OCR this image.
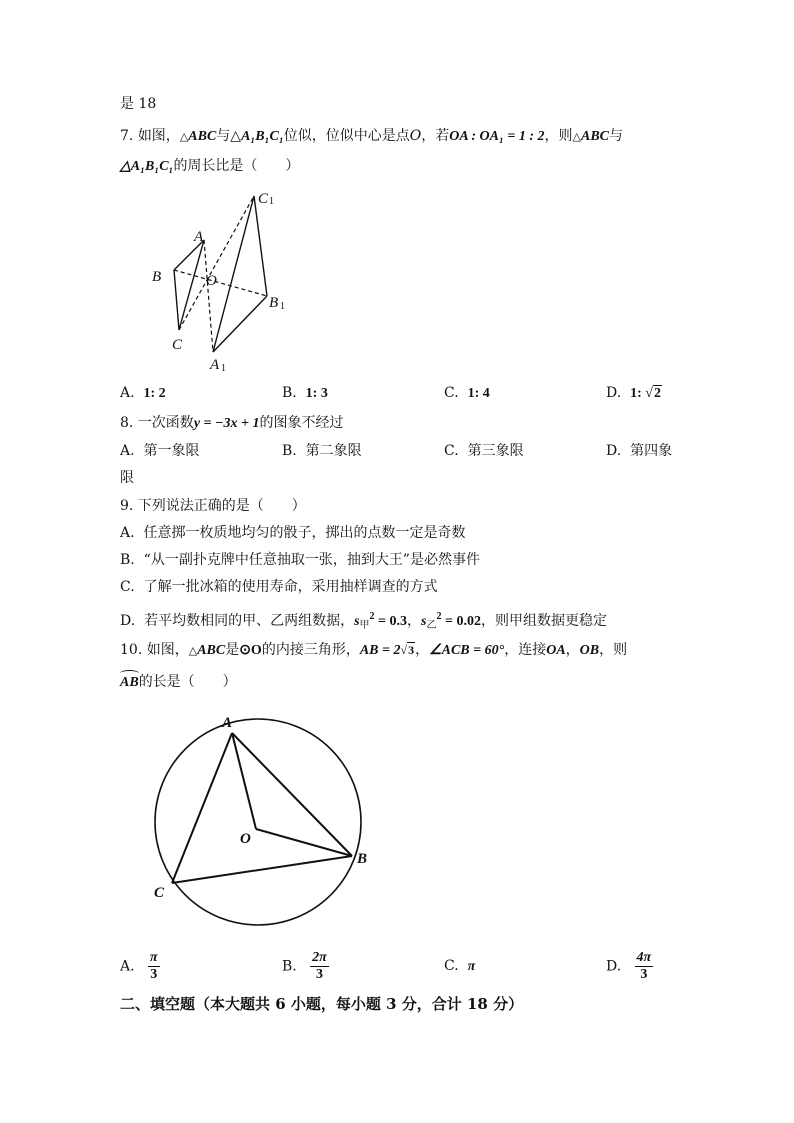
是 18
7. 如图，△ABC与△A₁B₁C₁位似，位似中心是点O，若OA : OA₁ = 1 : 2，则△ABC与
△A₁B₁C₁的周长比是（　　）
A
B
C
O
C
B
A
1
1
1
A. 1: 2	B. 1: 3	C. 1: 4	D. 1: √2
8. 一次函数y = −3x + 1的图象不经过
A. 第一象限	B. 第二象限	C. 第三象限	D. 第四象
限
9. 下列说法正确的是（　　）
A. 任意掷一枚质地均匀的骰子，掷出的点数一定是奇数
B. “从一副扑克牌中任意抽取一张，抽到大王”是必然事件
C. 了解一批冰箱的使用寿命，采用抽样调查的方式
D. 若平均数相同的甲、乙两组数据，$s_甲^2 = 0.3$，$s_乙^2 = 0.02$，则甲组数据更稳定
10. 如图，△ABC是⊙O的内接三角形，AB = 2√3，∠ACB = 60°，连接OA，OB，则
AB的长是（　　）
A
B
C
O
A. $\frac{\pi}{3}$	B. $\frac{2\pi}{3}$	C. π	D. $\frac{4\pi}{3}$
二、填空题（本大题共 6 小题，每小题 3 分，合计 18 分）
